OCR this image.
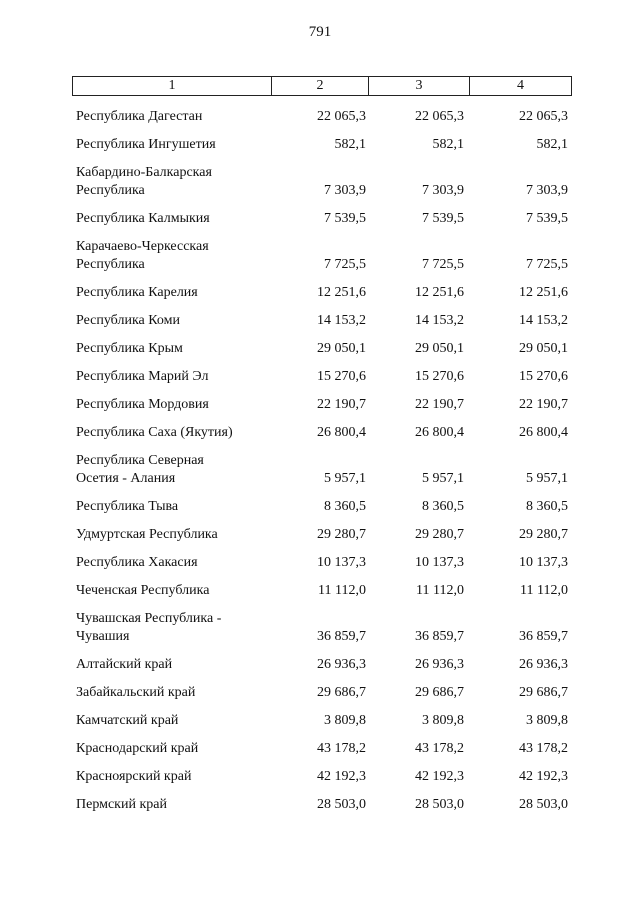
791
1	2	3	4
Республика Дагестан	22 065,3	22 065,3	22 065,3
Республика Ингушетия	582,1	582,1	582,1
Кабардино-Балкарская
Республика	7 303,9	7 303,9	7 303,9
Республика Калмыкия	7 539,5	7 539,5	7 539,5
Карачаево-Черкесская
Республика	7 725,5	7 725,5	7 725,5
Республика Карелия	12 251,6	12 251,6	12 251,6
Республика Коми	14 153,2	14 153,2	14 153,2
Республика Крым	29 050,1	29 050,1	29 050,1
Республика Марий Эл	15 270,6	15 270,6	15 270,6
Республика Мордовия	22 190,7	22 190,7	22 190,7
Республика Саха (Якутия)	26 800,4	26 800,4	26 800,4
Республика Северная
Осетия - Алания	5 957,1	5 957,1	5 957,1
Республика Тыва	8 360,5	8 360,5	8 360,5
Удмуртская Республика	29 280,7	29 280,7	29 280,7
Республика Хакасия	10 137,3	10 137,3	10 137,3
Чеченская Республика	11 112,0	11 112,0	11 112,0
Чувашская Республика -
Чувашия	36 859,7	36 859,7	36 859,7
Алтайский край	26 936,3	26 936,3	26 936,3
Забайкальский край	29 686,7	29 686,7	29 686,7
Камчатский край	3 809,8	3 809,8	3 809,8
Краснодарский край	43 178,2	43 178,2	43 178,2
Красноярский край	42 192,3	42 192,3	42 192,3
Пермский край	28 503,0	28 503,0	28 503,0
